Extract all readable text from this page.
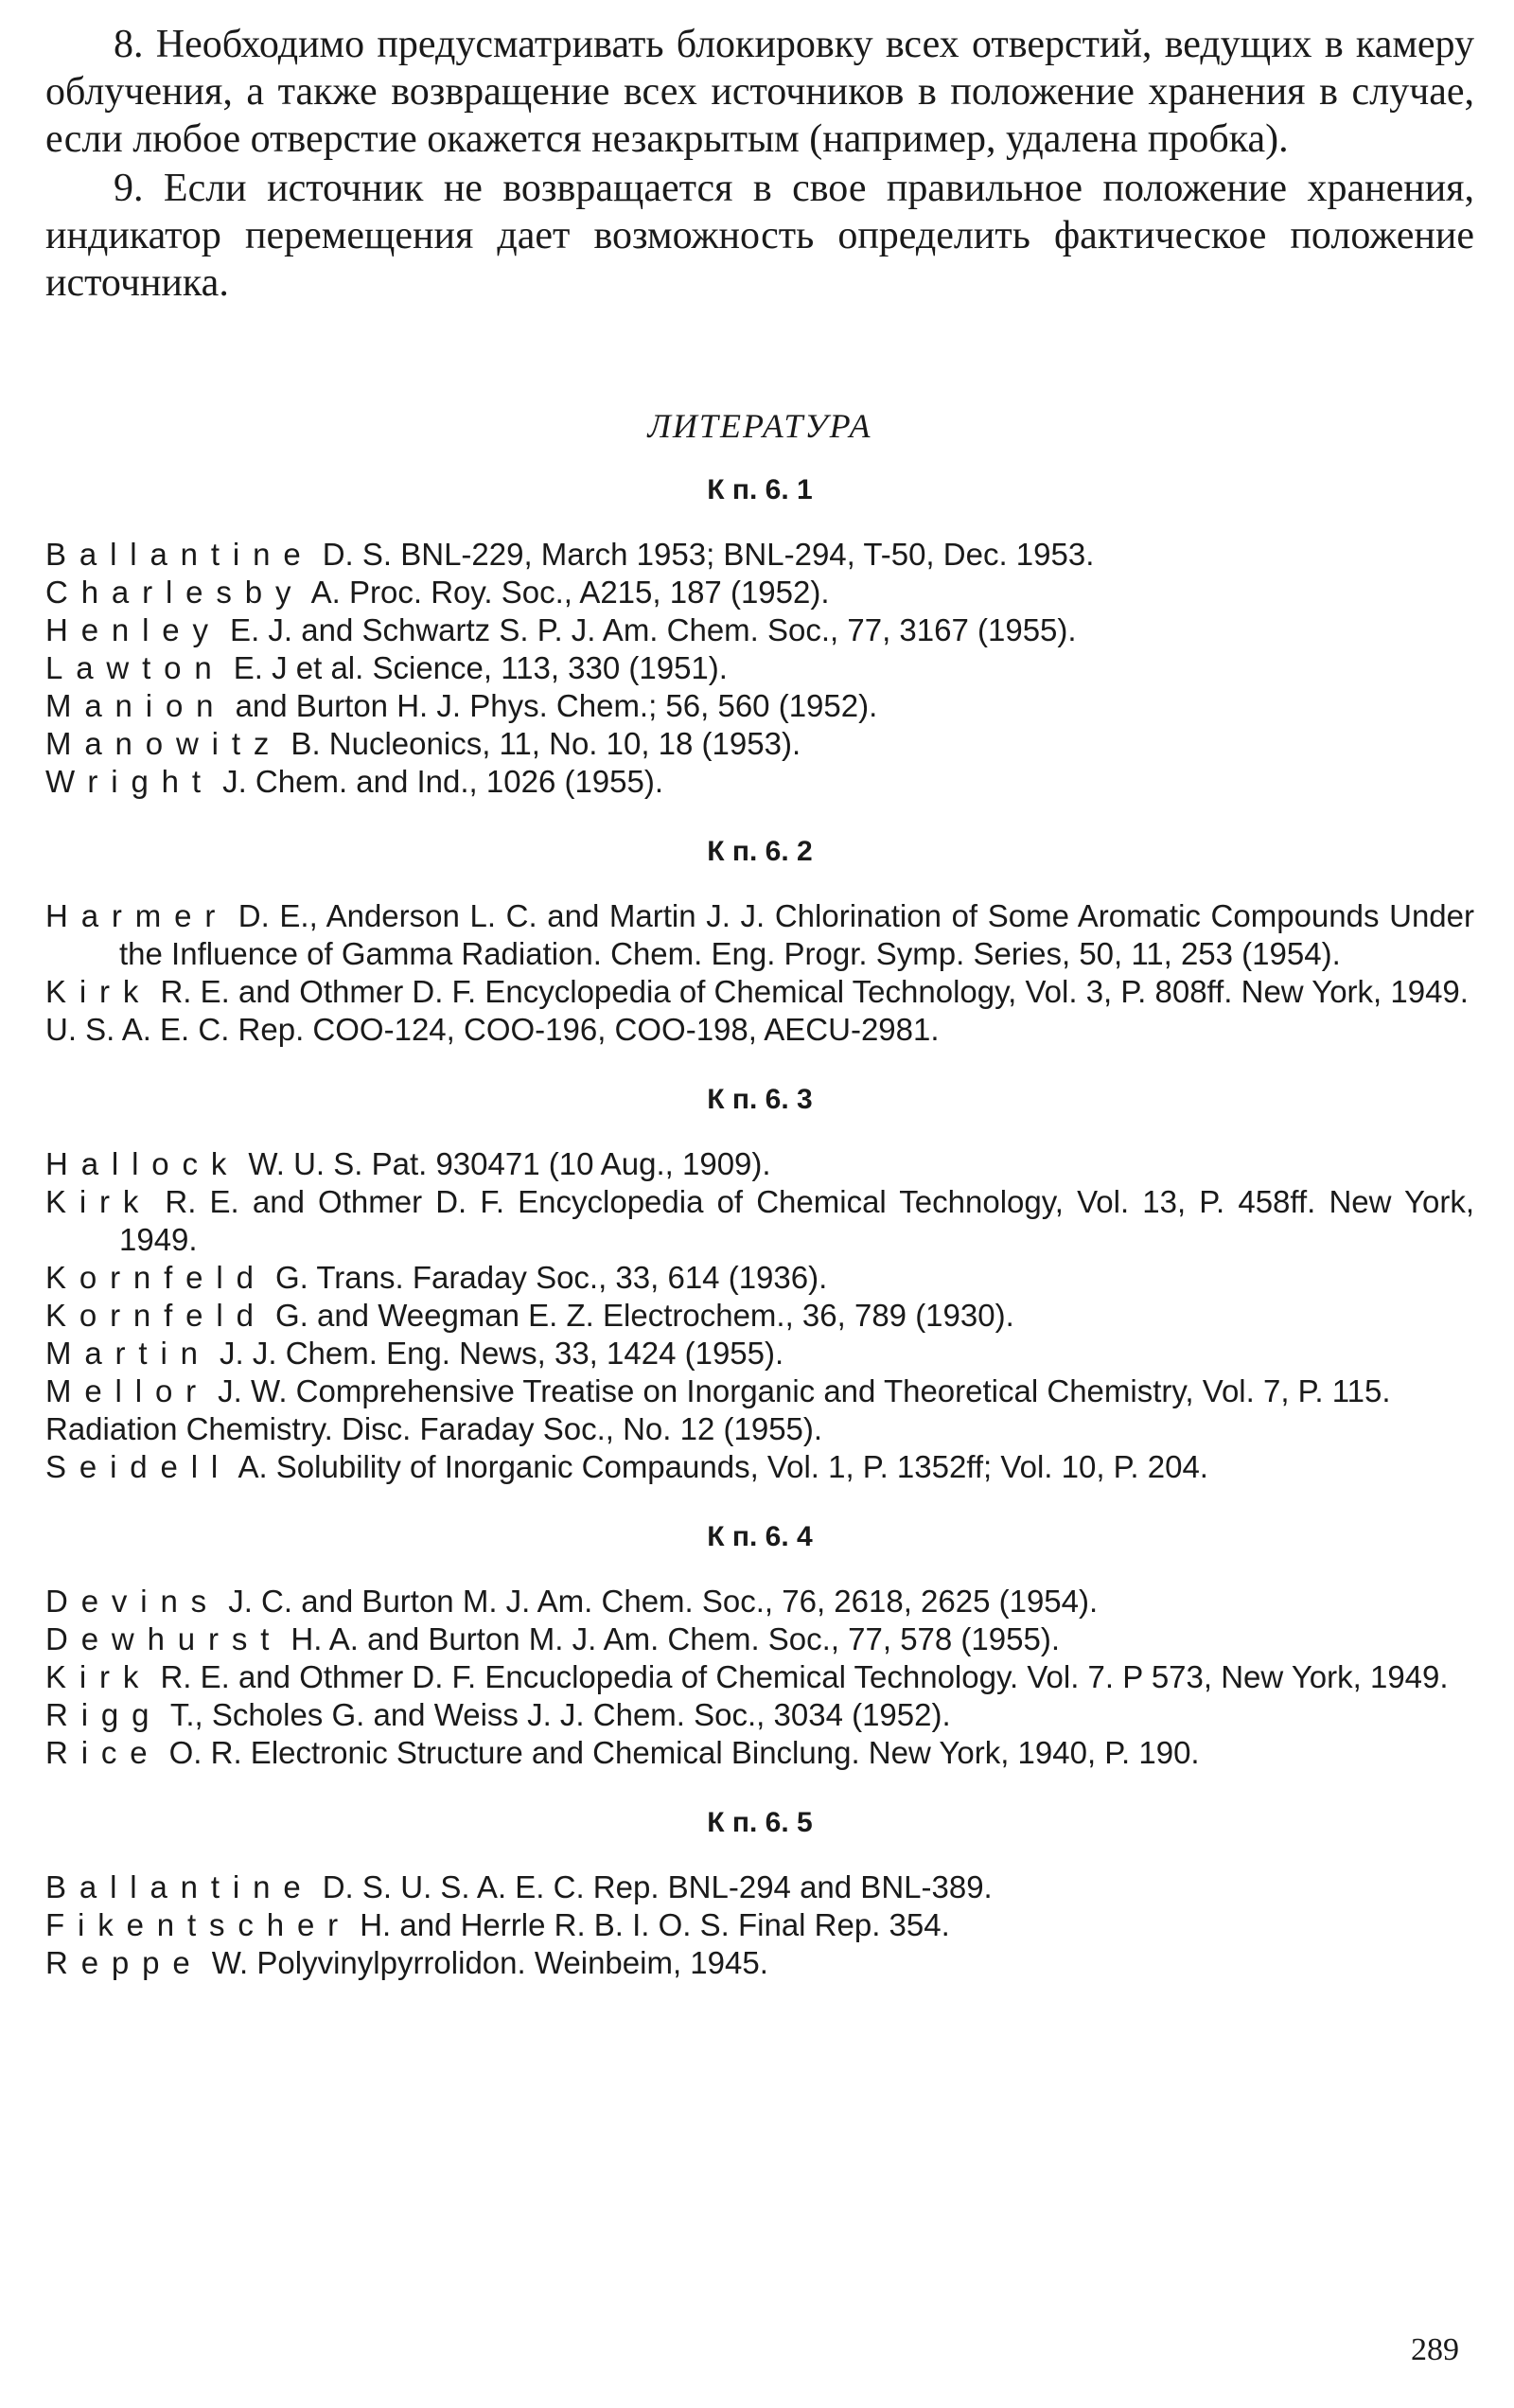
8. Необходимо предусматривать блокировку всех отверстий, ведущих в камеру облучения, а также возвращение всех источников в положение хранения в случае, если любое отверстие окажется незакрытым (например, удалена пробка).

9. Если источник не возвращается в свое правильное положение хранения, индикатор перемещения дает возможность определить фактическое положение источника.

ЛИТЕРАТУРА
К п. 6. 1
Ballantine D. S. BNL-229, March 1953; BNL-294, T-50, Dec. 1953.
Charlesby A. Proc. Roy. Soc., A215, 187 (1952).
Henley E. J. and Schwartz S. P. J. Am. Chem. Soc., 77, 3167 (1955).
Lawton E. J et al. Science, 113, 330 (1951).
Manion and Burton H. J. Phys. Chem.; 56, 560 (1952).
Manowitz B. Nucleonics, 11, No. 10, 18 (1953).
Wright J. Chem. and Ind., 1026 (1955).
К п. 6. 2
Harmer D. E., Anderson L. C. and Martin J. J. Chlorination of Some Aromatic Compounds Under the Influence of Gamma Radiation. Chem. Eng. Progr. Symp. Series, 50, 11, 253 (1954).
Kirk R. E. and Othmer D. F. Encyclopedia of Chemical Technology, Vol. 3, P. 808ff. New York, 1949.
U. S. A. E. C. Rep. COO-124, COO-196, COO-198, AECU-2981.
К п. 6. 3
Hallock W. U. S. Pat. 930471 (10 Aug., 1909).
Kirk R. E. and Othmer D. F. Encyclopedia of Chemical Technology, Vol. 13, P. 458ff. New York, 1949.
Kornfeld G. Trans. Faraday Soc., 33, 614 (1936).
Kornfeld G. and Weegman E. Z. Electrochem., 36, 789 (1930).
Martin J. J. Chem. Eng. News, 33, 1424 (1955).
Mellor J. W. Comprehensive Treatise on Inorganic and Theoretical Chemistry, Vol. 7, P. 115.
Radiation Chemistry. Disc. Faraday Soc., No. 12 (1955).
Seidell A. Solubility of Inorganic Compaunds, Vol. 1, P. 1352ff; Vol. 10, P. 204.
К п. 6. 4
Devins J. C. and Burton M. J. Am. Chem. Soc., 76, 2618, 2625 (1954).
Dewhurst H. A. and Burton M. J. Am. Chem. Soc., 77, 578 (1955).
Kirk R. E. and Othmer D. F. Encuclopedia of Chemical Technology. Vol. 7. P 573, New York, 1949.
Rigg T., Scholes G. and Weiss J. J. Chem. Soc., 3034 (1952).
Rice O. R. Electronic Structure and Chemical Binclung. New York, 1940, P. 190.
К п. 6. 5
Ballantine D. S. U. S. A. E. C. Rep. BNL-294 and BNL-389.
Fikentscher H. and Herrle R. B. I. O. S. Final Rep. 354.
Reppe W. Polyvinylpyrrolidon. Weinbeim, 1945.
289
